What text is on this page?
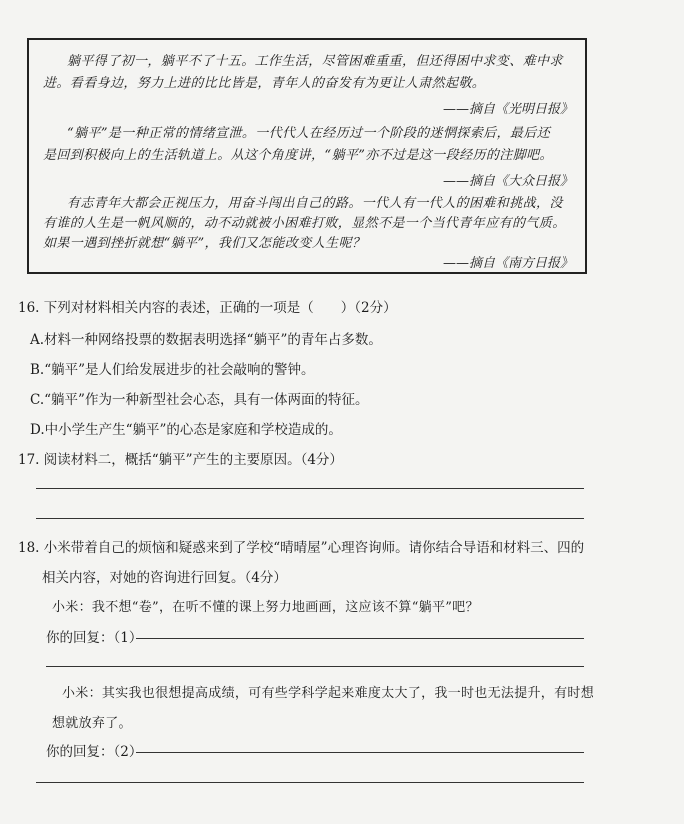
躺平得了初一，躺平不了十五。工作生活，尽管困难重重，但还得困中求变、难中求
进。看看身边，努力上进的比比皆是，青年人的奋发有为更让人肃然起敬。
——摘自《光明日报》
“躺平”是一种正常的情绪宣泄。一代代人在经历过一个阶段的迷惘探索后，最后还
是回到积极向上的生活轨道上。从这个角度讲，“躺平”亦不过是这一段经历的注脚吧。
——摘自《大众日报》
有志青年大都会正视压力，用奋斗闯出自己的路。一代人有一代人的困难和挑战，没
有谁的人生是一帆风顺的，动不动就被小困难打败，显然不是一个当代青年应有的气质。
如果一遇到挫折就想“躺平”，我们又怎能改变人生呢？
——摘自《南方日报》
16. 下列对材料相关内容的表述，正确的一项是（　　）（2分）
A.材料一种网络投票的数据表明选择“躺平”的青年占多数。
B.“躺平”是人们给发展进步的社会敲响的警钟。
C.“躺平”作为一种新型社会心态，具有一体两面的特征。
D.中小学生产生“躺平”的心态是家庭和学校造成的。
17. 阅读材料二，概括“躺平”产生的主要原因。（4分）
18. 小米带着自己的烦恼和疑惑来到了学校“晴晴屋”心理咨询师。请你结合导语和材料三、四的
相关内容，对她的咨询进行回复。（4分）
小米：我不想“卷”，在听不懂的课上努力地画画，这应该不算“躺平”吧？
你的回复：（1）
小米：其实我也很想提高成绩，可有些学科学起来难度太大了，我一时也无法提升，有时想
想就放弃了。
你的回复：（2）
